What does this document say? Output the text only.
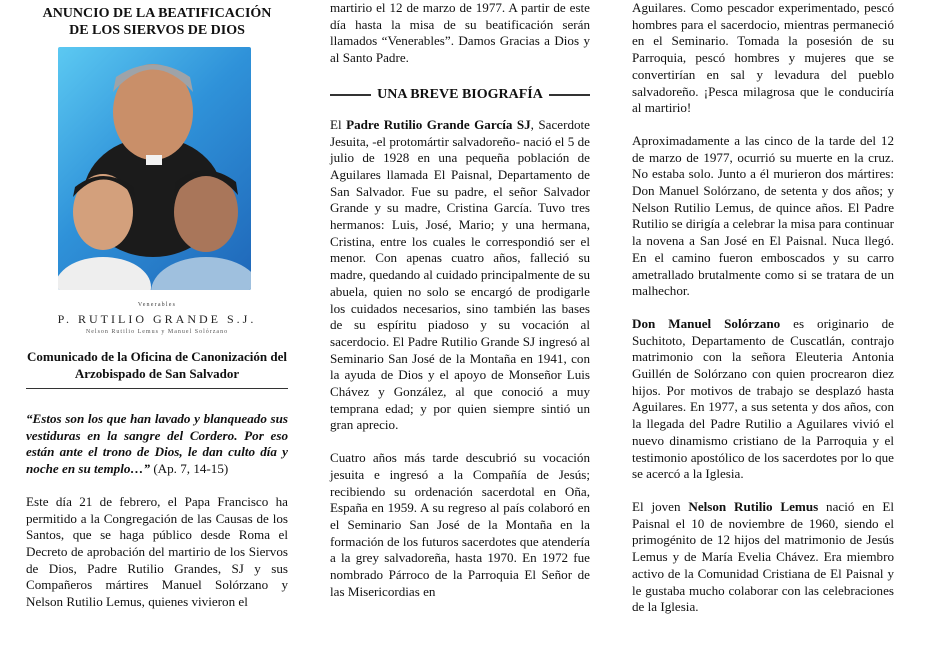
ANUNCIO DE LA BEATIFICACIÓN
DE LOS SIERVOS DE DIOS
Venerables
P. RUTILIO GRANDE S.J.
Nelson Rutilio Lemus y Manuel Solórzano
Comunicado de la Oficina de Canonización del Arzobispado de San Salvador

“Estos son los que han lavado y blanqueado sus vestiduras en la sangre del Cordero. Por eso están ante el trono de Dios, le dan culto día y noche en su templo…” (Ap. 7, 14-15)

Este día 21 de febrero, el Papa Francisco ha permitido a la Congregación de las Causas de los Santos, que se haga público desde Roma el Decreto de aprobación del martirio de los Siervos de Dios, Padre Rutilio Grandes, SJ y sus Compañeros mártires Manuel Solórzano y Nelson Rutilio Lemus, quienes vivieron el

martirio el 12 de marzo de 1977. A partir de este día hasta la misa de su beatificación serán llamados “Venerables”. Damos Gracias a Dios y al Santo Padre.

UNA BREVE BIOGRAFÍA

El Padre Rutilio Grande García SJ, Sacerdote Jesuita, -el protomártir salvadoreño- nació el 5 de julio de 1928 en una pequeña población de Aguilares llamada El Paisnal, Departamento de San Salvador. Fue su padre, el señor Salvador Grande y su madre, Cristina García. Tuvo tres hermanos: Luis, José, Mario; y una hermana, Cristina, entre los cuales le correspondió ser el menor. Con apenas cuatro años, falleció su madre, quedando al cuidado principalmente de su abuela, quien no solo se encargó de prodigarle los cuidados necesarios, sino también las bases de su espíritu piadoso y su vocación al sacerdocio. El Padre Rutilio Grande SJ ingresó al Seminario San José de la Montaña en 1941, con la ayuda de Dios y el apoyo de Monseñor Luis Chávez y González, al que conoció a muy temprana edad; y por quien siempre sintió un gran aprecio.

Cuatro años más tarde descubrió su vocación jesuita e ingresó a la Compañía de Jesús; recibiendo su ordenación sacerdotal en Oña, España en 1959. A su regreso al país colaboró en el Seminario San José de la Montaña en la formación de los futuros sacerdotes que atendería a la grey salvadoreña, hasta 1970. En 1972 fue nombrado Párroco de la Parroquia El Señor de las Misericordias en

Aguilares. Como pescador experimentado, pescó hombres para el sacerdocio, mientras permaneció en el Seminario. Tomada la posesión de su Parroquia, pescó hombres y mujeres que se convertirían en sal y levadura del pueblo salvadoreño. ¡Pesca milagrosa que le conduciría al martirio!

Aproximadamente a las cinco de la tarde del 12 de marzo de 1977, ocurrió su muerte en la cruz. No estaba solo. Junto a él murieron dos mártires: Don Manuel Solórzano, de setenta y dos años; y Nelson Rutilio Lemus, de quince años. El Padre Rutilio se dirigía a celebrar la misa para continuar la novena a San José en El Paisnal. Nuca llegó. En el camino fueron emboscados y su carro ametrallado brutalmente como si se tratara de un malhechor.

Don Manuel Solórzano es originario de Suchitoto, Departamento de Cuscatlán, contrajo matrimonio con la señora Eleuteria Antonia Guillén de Solórzano con quien procrearon diez hijos. Por motivos de trabajo se desplazó hasta Aguilares. En 1977, a sus setenta y dos años, con la llegada del Padre Rutilio a Aguilares vivió el nuevo dinamismo cristiano de la Parroquia y el testimonio apostólico de los sacerdotes por lo que se acercó a la Iglesia.

El joven Nelson Rutilio Lemus nació en El Paisnal el 10 de noviembre de 1960, siendo el primogénito de 12 hijos del matrimonio de Jesús Lemus y de María Evelia Chávez. Era miembro activo de la Comunidad Cristiana de El Paisnal y le gustaba mucho colaborar con las celebraciones de la Iglesia.
